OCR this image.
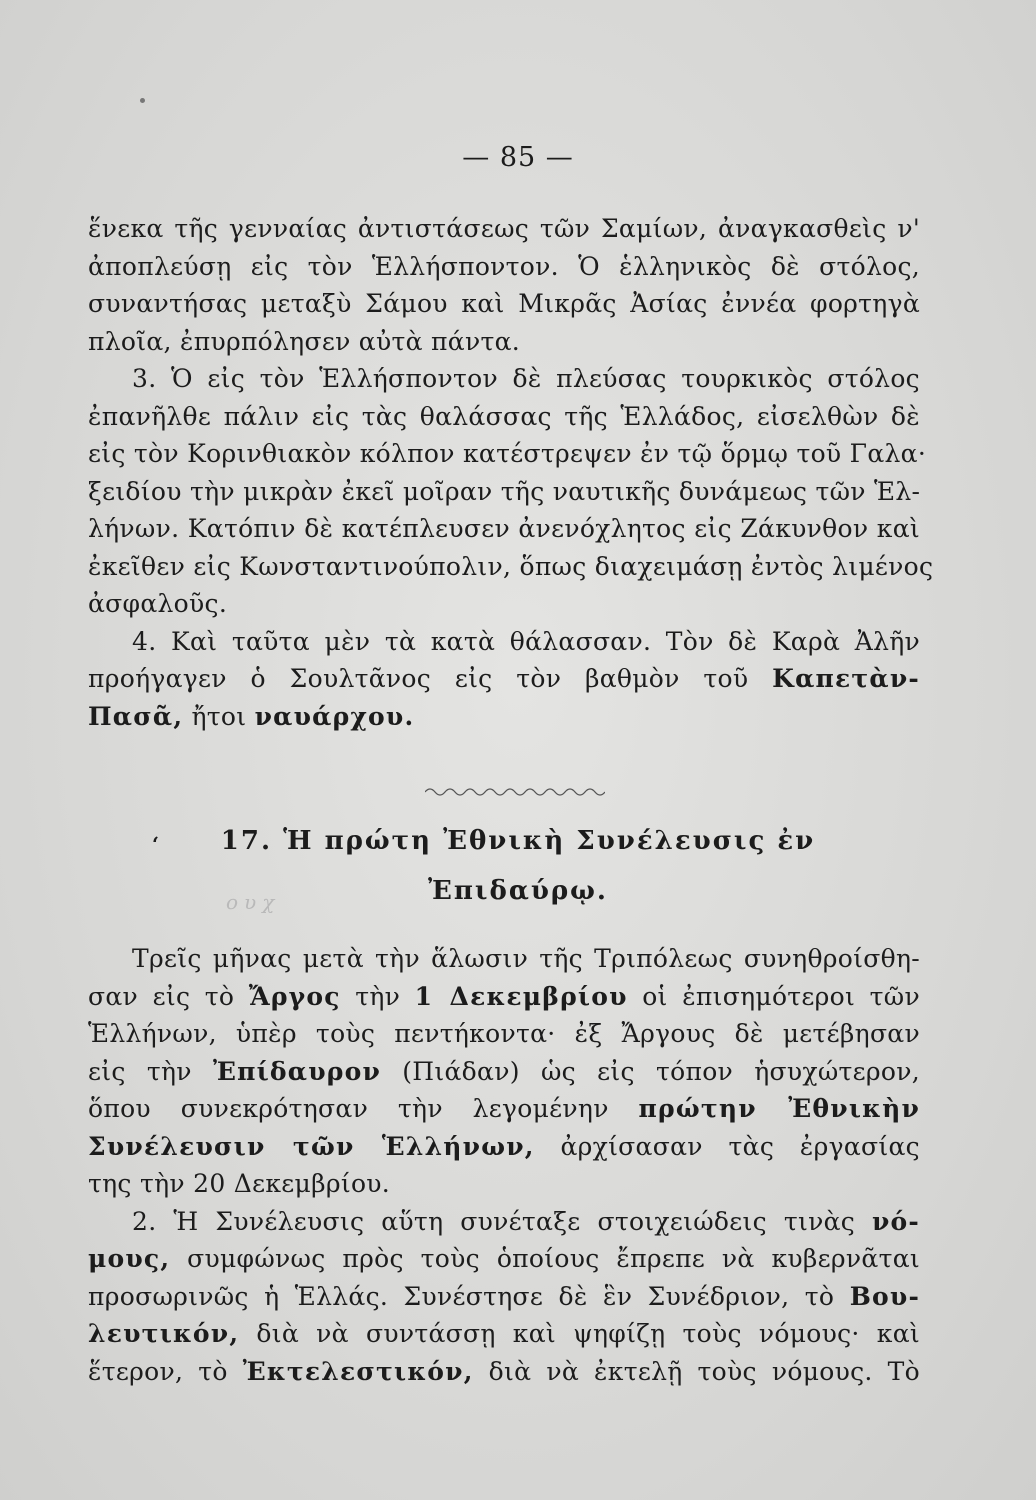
— 85 —
ἕνεκα τῆς γενναίας ἀντιστάσεως τῶν Σαμίων, ἀναγκασθεὶς ν'
ἀποπλεύσῃ εἰς τὸν Ἑλλήσποντον. Ὁ ἑλληνικὸς δὲ στόλος,
συναντήσας μεταξὺ Σάμου καὶ Μικρᾶς Ἀσίας ἐννέα φορτηγὰ
πλοῖα, ἐπυρπόλησεν αὐτὰ πάντα.
3. Ὁ εἰς τὸν Ἑλλήσποντον δὲ πλεύσας τουρκικὸς στόλος
ἐπανῆλθε πάλιν εἰς τὰς θαλάσσας τῆς Ἑλλάδος, εἰσελθὼν δὲ
εἰς τὸν Κορινθιακὸν κόλπον κατέστρεψεν ἐν τῷ ὅρμῳ τοῦ Γαλα·
ξειδίου τὴν μικρὰν ἐκεῖ μοῖραν τῆς ναυτικῆς δυνάμεως τῶν Ἑλ-
λήνων. Κατόπιν δὲ κατέπλευσεν ἀνενόχλητος εἰς Ζάκυνθον καὶ
ἐκεῖθεν εἰς Κωνσταντινούπολιν, ὅπως διαχειμάσῃ ἐντὸς λιμένος
ἀσφαλοῦς.
4. Καὶ ταῦτα μὲν τὰ κατὰ θάλασσαν. Τὸν δὲ Καρὰ Ἀλῆν
προήγαγεν ὁ Σουλτᾶνος εἰς τὸν βαθμὸν τοῦ Καπετὰν-
Πασᾶ, ἤτοι ναυάρχου.
‘	17. Ἡ πρώτη Ἐθνικὴ Συνέλευσις ἐν
Ἐπιδαύρῳ.
ουχ
Τρεῖς μῆνας μετὰ τὴν ἅλωσιν τῆς Τριπόλεως συνηθροίσθη-
σαν εἰς τὸ Ἄργος τὴν 1 Δεκεμβρίου οἱ ἐπισημότεροι τῶν
Ἑλλήνων, ὑπὲρ τοὺς πεντήκοντα· ἐξ Ἄργους δὲ μετέβησαν
εἰς τὴν Ἐπίδαυρον (Πιάδαν) ὡς εἰς τόπον ἡσυχώτερον,
ὅπου συνεκρότησαν τὴν λεγομένην πρώτην Ἐθνικὴν
Συνέλευσιν τῶν Ἑλλήνων, ἀρχίσασαν τὰς ἐργασίας
της τὴν 20 Δεκεμβρίου.
2. Ἡ Συνέλευσις αὕτη συνέταξε στοιχειώδεις τινὰς νό-
μους, συμφώνως πρὸς τοὺς ὁποίους ἔπρεπε νὰ κυβερνᾶται
προσωρινῶς ἡ Ἑλλάς. Συνέστησε δὲ ἓν Συνέδριον, τὸ Βου-
λευτικόν, διὰ νὰ συντάσσῃ καὶ ψηφίζῃ τοὺς νόμους· καὶ
ἕτερον, τὸ Ἐκτελεστικόν, διὰ νὰ ἐκτελῇ τοὺς νόμους. Τὸ
